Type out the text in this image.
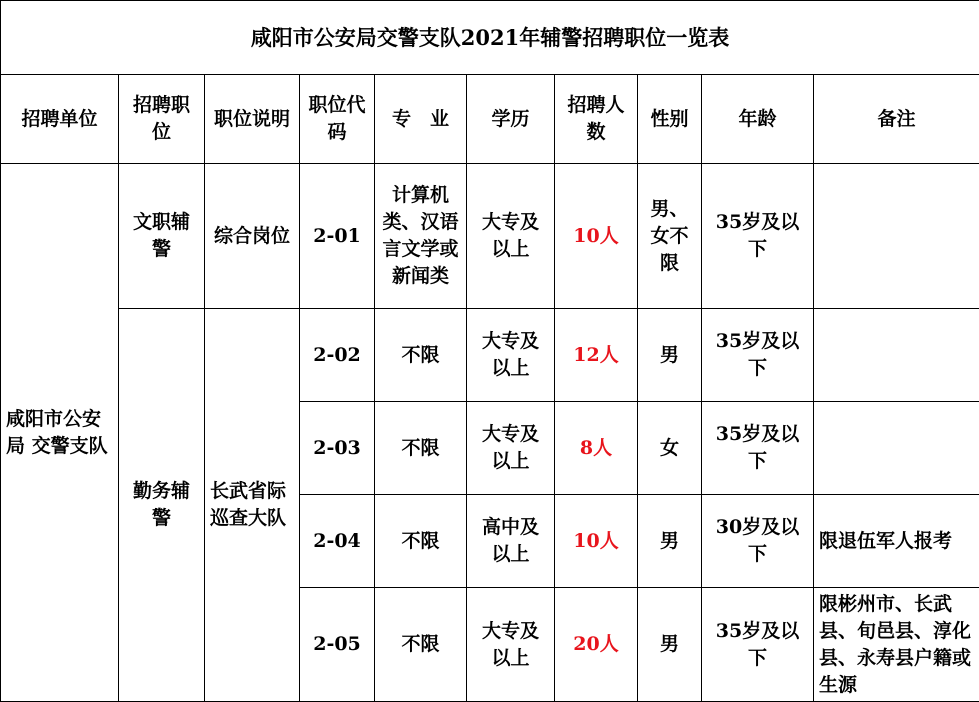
咸阳市公安局交警支队2021年辅警招聘职位一览表									
招聘单位	招聘职位	职位说明	职位代码	专　业	学历	招聘人数	性别	年龄	备注
咸阳市公安局 交警支队	文职辅警	综合岗位	2-01	计算机类、汉语言文学或新闻类	大专及以上	10人	男、女不限	35岁及以下	
	勤务辅警	长武省际巡查大队	2-02	不限	大专及以上	12人	男	35岁及以下	
			2-03	不限	大专及以上	8人	女	35岁及以下	
			2-04	不限	高中及以上	10人	男	30岁及以下	限退伍军人报考
			2-05	不限	大专及以上	20人	男	35岁及以下	限彬州市、长武县、旬邑县、淳化县、永寿县户籍或生源
